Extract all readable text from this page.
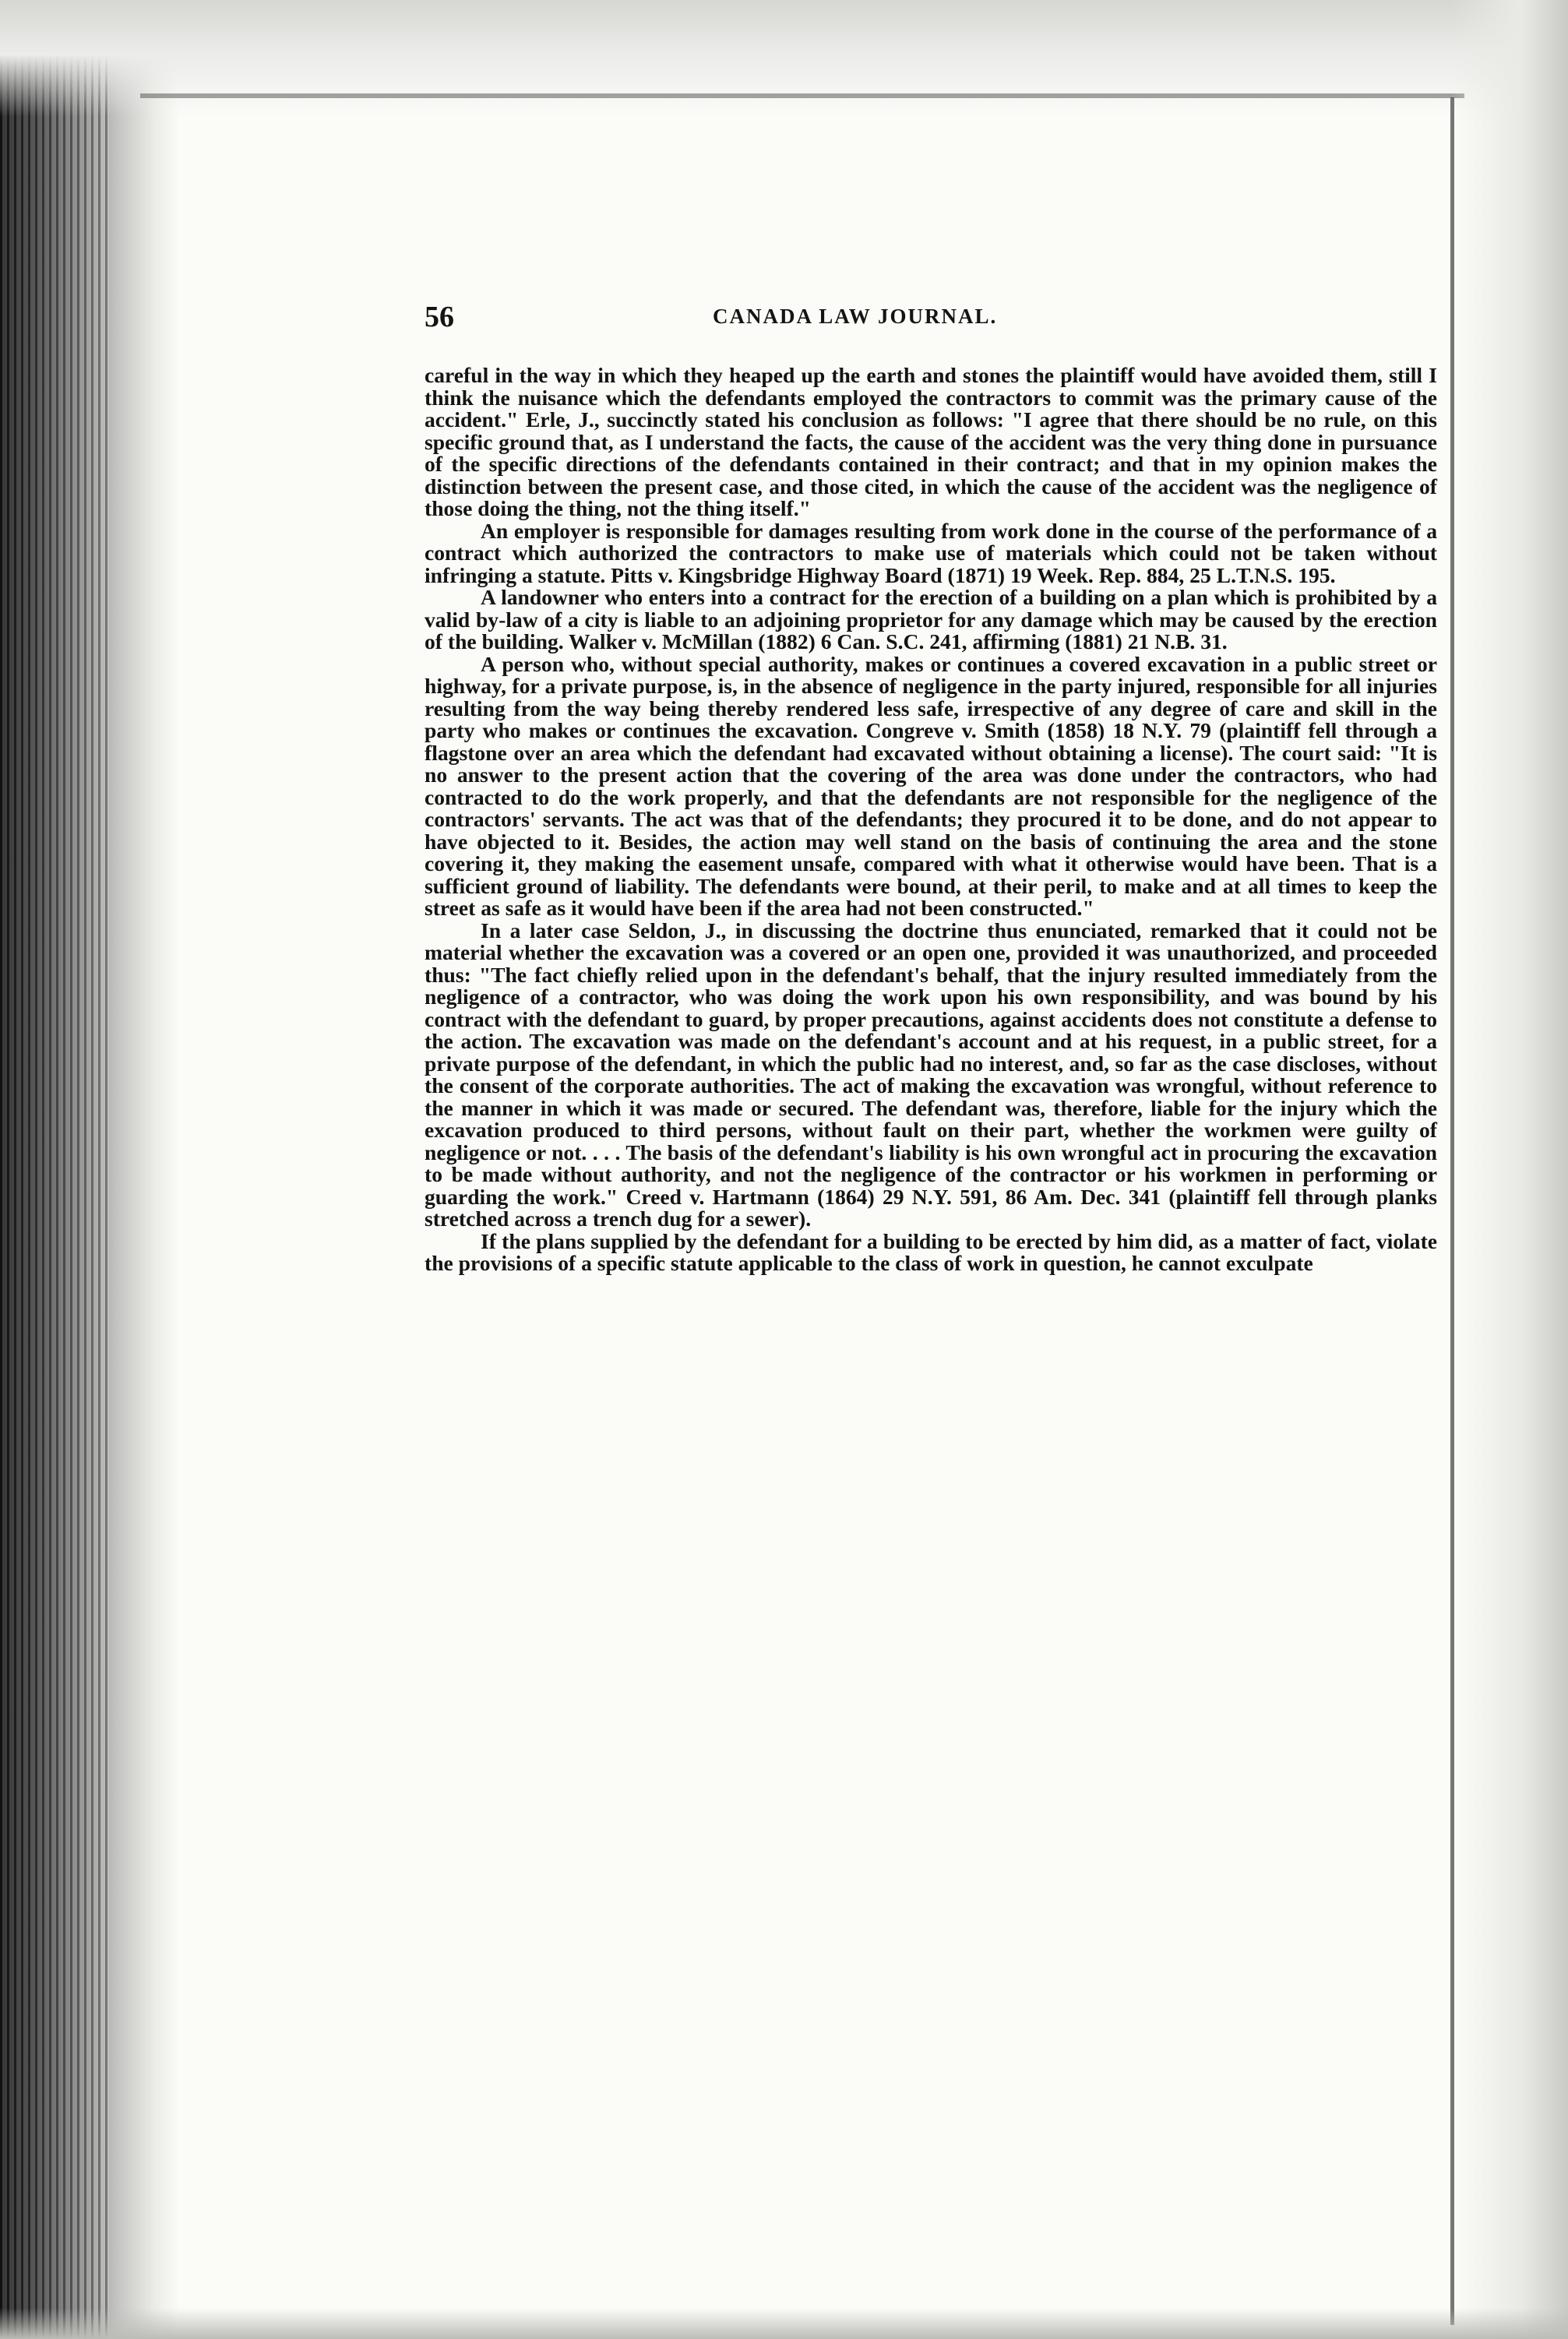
56	CANADA LAW JOURNAL.

careful in the way in which they heaped up the earth and stones the plaintiff would have avoided them, still I think the nuisance which the defendants employed the contractors to commit was the primary cause of the accident." Erle, J., succinctly stated his conclusion as follows: "I agree that there should be no rule, on this specific ground that, as I understand the facts, the cause of the accident was the very thing done in pursuance of the specific directions of the defendants contained in their contract; and that in my opinion makes the distinction between the present case, and those cited, in which the cause of the accident was the negligence of those doing the thing, not the thing itself."

An employer is responsible for damages resulting from work done in the course of the performance of a contract which authorized the contractors to make use of materials which could not be taken without infringing a statute. Pitts v. Kingsbridge Highway Board (1871) 19 Week. Rep. 884, 25 L.T.N.S. 195.

A landowner who enters into a contract for the erection of a building on a plan which is prohibited by a valid by-law of a city is liable to an adjoining proprietor for any damage which may be caused by the erection of the building. Walker v. McMillan (1882) 6 Can. S.C. 241, affirming (1881) 21 N.B. 31.

A person who, without special authority, makes or continues a covered excavation in a public street or highway, for a private purpose, is, in the absence of negligence in the party injured, responsible for all injuries resulting from the way being thereby rendered less safe, irrespective of any degree of care and skill in the party who makes or continues the excavation. Congreve v. Smith (1858) 18 N.Y. 79 (plaintiff fell through a flagstone over an area which the defendant had excavated without obtaining a license). The court said: "It is no answer to the present action that the covering of the area was done under the contractors, who had contracted to do the work properly, and that the defendants are not responsible for the negligence of the contractors' servants. The act was that of the defendants; they procured it to be done, and do not appear to have objected to it. Besides, the action may well stand on the basis of continuing the area and the stone covering it, they making the easement unsafe, compared with what it otherwise would have been. That is a sufficient ground of liability. The defendants were bound, at their peril, to make and at all times to keep the street as safe as it would have been if the area had not been constructed."

In a later case Seldon, J., in discussing the doctrine thus enunciated, remarked that it could not be material whether the excavation was a covered or an open one, provided it was unauthorized, and proceeded thus: "The fact chiefly relied upon in the defendant's behalf, that the injury resulted immediately from the negligence of a contractor, who was doing the work upon his own responsibility, and was bound by his contract with the defendant to guard, by proper precautions, against accidents does not constitute a defense to the action. The excavation was made on the defendant's account and at his request, in a public street, for a private purpose of the defendant, in which the public had no interest, and, so far as the case discloses, without the consent of the corporate authorities. The act of making the excavation was wrongful, without reference to the manner in which it was made or secured. The defendant was, therefore, liable for the injury which the excavation produced to third persons, without fault on their part, whether the workmen were guilty of negligence or not. . . . The basis of the defendant's liability is his own wrongful act in procuring the excavation to be made without authority, and not the negligence of the contractor or his workmen in performing or guarding the work." Creed v. Hartmann (1864) 29 N.Y. 591, 86 Am. Dec. 341 (plaintiff fell through planks stretched across a trench dug for a sewer).

If the plans supplied by the defendant for a building to be erected by him did, as a matter of fact, violate the provisions of a specific statute applicable to the class of work in question, he cannot exculpate
